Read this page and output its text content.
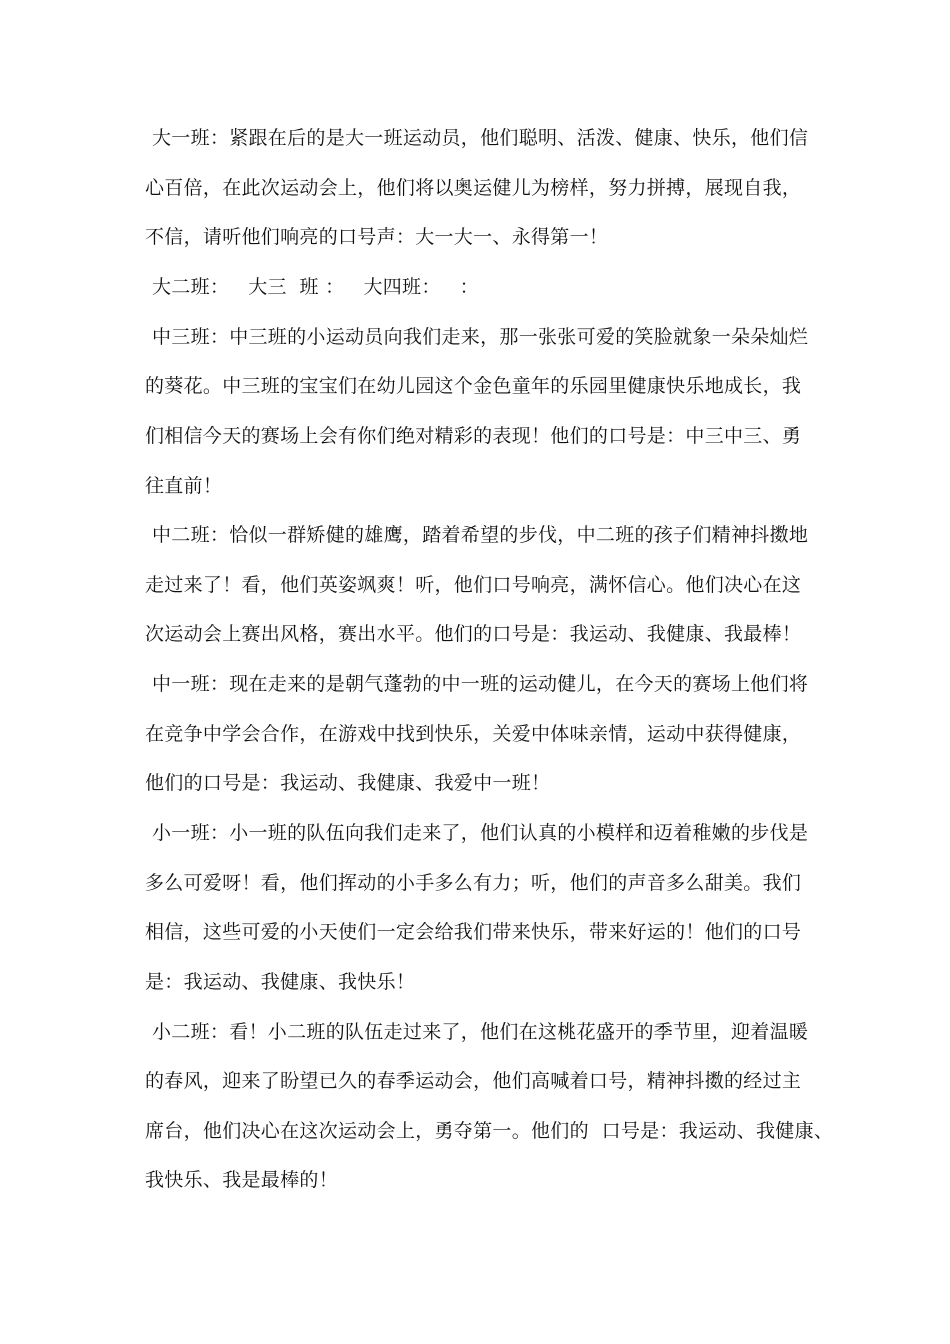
大一班：紧跟在后的是大一班运动员，他们聪明、活泼、健康、快乐，他们信
心百倍，在此次运动会上，他们将以奥运健儿为榜样，努力拼搏，展现自我，
不信，请听他们响亮的口号声：大一大一、永得第一！
大二班：   大三  班 ：   大四班：   ：
中三班：中三班的小运动员向我们走来，那一张张可爱的笑脸就象一朵朵灿烂
的葵花。中三班的宝宝们在幼儿园这个金色童年的乐园里健康快乐地成长，我
们相信今天的赛场上会有你们绝对精彩的表现！他们的口号是：中三中三、勇
往直前！
中二班：恰似一群矫健的雄鹰，踏着希望的步伐，中二班的孩子们精神抖擞地
走过来了！看，他们英姿飒爽！听，他们口号响亮，满怀信心。他们决心在这
次运动会上赛出风格，赛出水平。他们的口号是：我运动、我健康、我最棒！
中一班：现在走来的是朝气蓬勃的中一班的运动健儿，在今天的赛场上他们将
在竞争中学会合作，在游戏中找到快乐，关爱中体味亲情，运动中获得健康，
他们的口号是：我运动、我健康、我爱中一班！
小一班：小一班的队伍向我们走来了，他们认真的小模样和迈着稚嫩的步伐是
多么可爱呀！看，他们挥动的小手多么有力；听，他们的声音多么甜美。我们
相信，这些可爱的小天使们一定会给我们带来快乐，带来好运的！他们的口号
是：我运动、我健康、我快乐！
小二班：看！小二班的队伍走过来了，他们在这桃花盛开的季节里，迎着温暖
的春风，迎来了盼望已久的春季运动会，他们高喊着口号，精神抖擞的经过主
席台，他们决心在这次运动会上，勇夺第一。他们的  口号是：我运动、我健康、
我快乐、我是最棒的！
